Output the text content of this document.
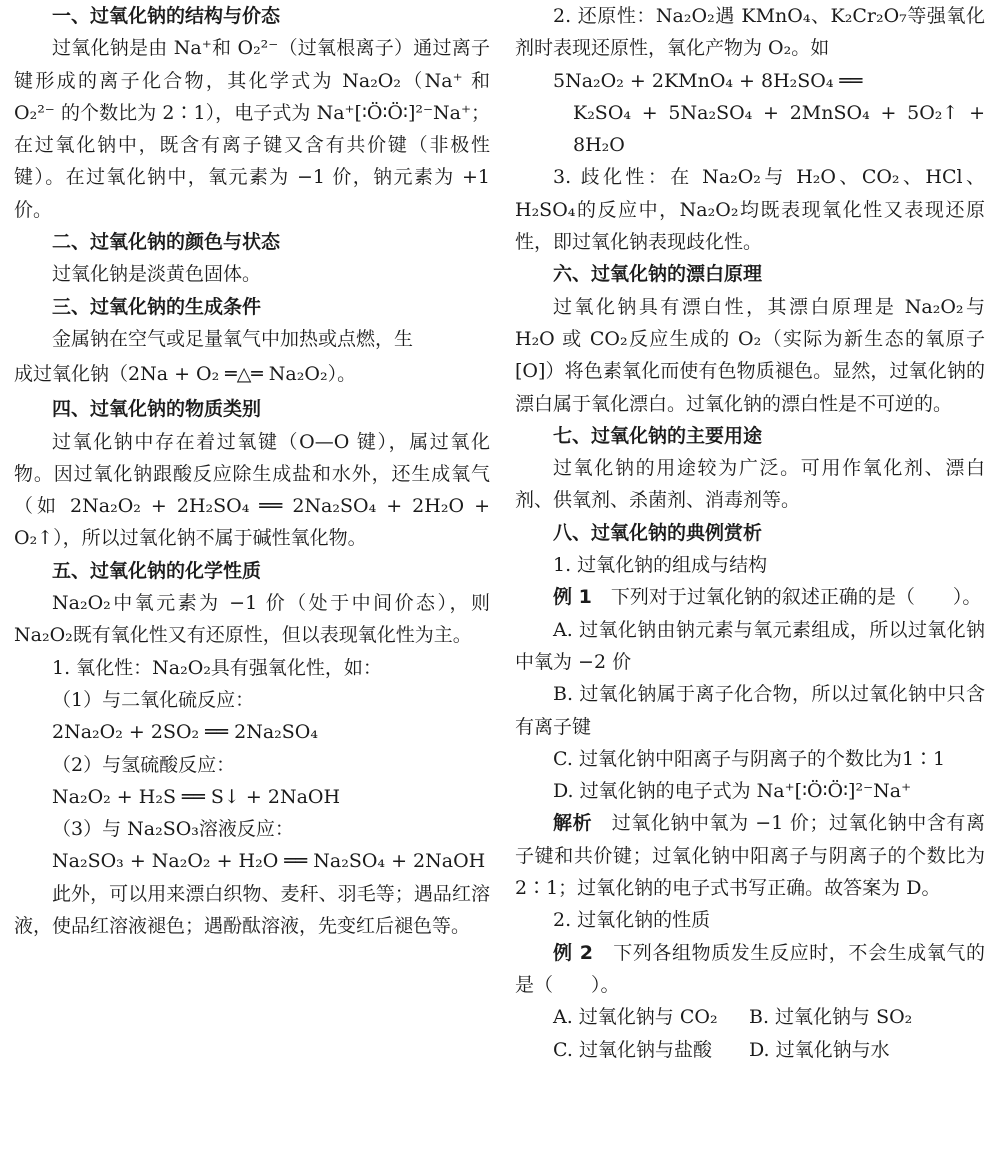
一、过氧化钠的结构与价态

过氧化钠是由 Na⁺和 O₂²⁻（过氧根离子）通过离子键形成的离子化合物，其化学式为 Na₂O₂（Na⁺ 和 O₂²⁻ 的个数比为 2∶1），电子式为 Na⁺[∶Ö∶Ö∶]²⁻Na⁺；在过氧化钠中，既含有离子键又含有共价键（非极性键）。在过氧化钠中，氧元素为 −1 价，钠元素为 +1 价。

二、过氧化钠的颜色与状态

过氧化钠是淡黄色固体。

三、过氧化钠的生成条件

金属钠在空气或足量氧气中加热或点燃，生

成过氧化钠（2Na + O₂ ═△═ Na₂O₂）。

四、过氧化钠的物质类别

过氧化钠中存在着过氧键（O—O 键），属过氧化物。因过氧化钠跟酸反应除生成盐和水外，还生成氧气（如 2Na₂O₂ + 2H₂SO₄ ══ 2Na₂SO₄ + 2H₂O + O₂↑），所以过氧化钠不属于碱性氧化物。

五、过氧化钠的化学性质

Na₂O₂中氧元素为 −1 价（处于中间价态），则 Na₂O₂既有氧化性又有还原性，但以表现氧化性为主。

1. 氧化性：Na₂O₂具有强氧化性，如：

（1）与二氧化硫反应：

2Na₂O₂ + 2SO₂ ══ 2Na₂SO₄

（2）与氢硫酸反应：

Na₂O₂ + H₂S ══ S↓ + 2NaOH

（3）与 Na₂SO₃溶液反应：

Na₂SO₃ + Na₂O₂ + H₂O ══ Na₂SO₄ + 2NaOH

此外，可以用来漂白织物、麦秆、羽毛等；遇品红溶液，使品红溶液褪色；遇酚酞溶液，先变红后褪色等。

2. 还原性：Na₂O₂遇 KMnO₄、K₂Cr₂O₇等强氧化剂时表现还原性，氧化产物为 O₂。如

5Na₂O₂ + 2KMnO₄ + 8H₂SO₄ ══

K₂SO₄ + 5Na₂SO₄ + 2MnSO₄ + 5O₂↑ + 8H₂O

3. 歧化性：在 Na₂O₂与 H₂O、CO₂、HCl、H₂SO₄的反应中，Na₂O₂均既表现氧化性又表现还原性，即过氧化钠表现歧化性。

六、过氧化钠的漂白原理

过氧化钠具有漂白性，其漂白原理是 Na₂O₂与 H₂O 或 CO₂反应生成的 O₂（实际为新生态的氧原子[O]）将色素氧化而使有色物质褪色。显然，过氧化钠的漂白属于氧化漂白。过氧化钠的漂白性是不可逆的。

七、过氧化钠的主要用途

过氧化钠的用途较为广泛。可用作氧化剂、漂白剂、供氧剂、杀菌剂、消毒剂等。

八、过氧化钠的典例赏析

1. 过氧化钠的组成与结构

例 1　下列对于过氧化钠的叙述正确的是（　　）。

A. 过氧化钠由钠元素与氧元素组成，所以过氧化钠中氧为 −2 价

B. 过氧化钠属于离子化合物，所以过氧化钠中只含有离子键

C. 过氧化钠中阳离子与阴离子的个数比为1∶1

D. 过氧化钠的电子式为 Na⁺[∶Ö∶Ö∶]²⁻Na⁺

解析　过氧化钠中氧为 −1 价；过氧化钠中含有离子键和共价键；过氧化钠中阳离子与阴离子的个数比为 2∶1；过氧化钠的电子式书写正确。故答案为 D。

2. 过氧化钠的性质

例 2　下列各组物质发生反应时，不会生成氧气的是（　　）。

A. 过氧化钠与 CO₂	B. 过氧化钠与 SO₂

C. 过氧化钠与盐酸	D. 过氧化钠与水
